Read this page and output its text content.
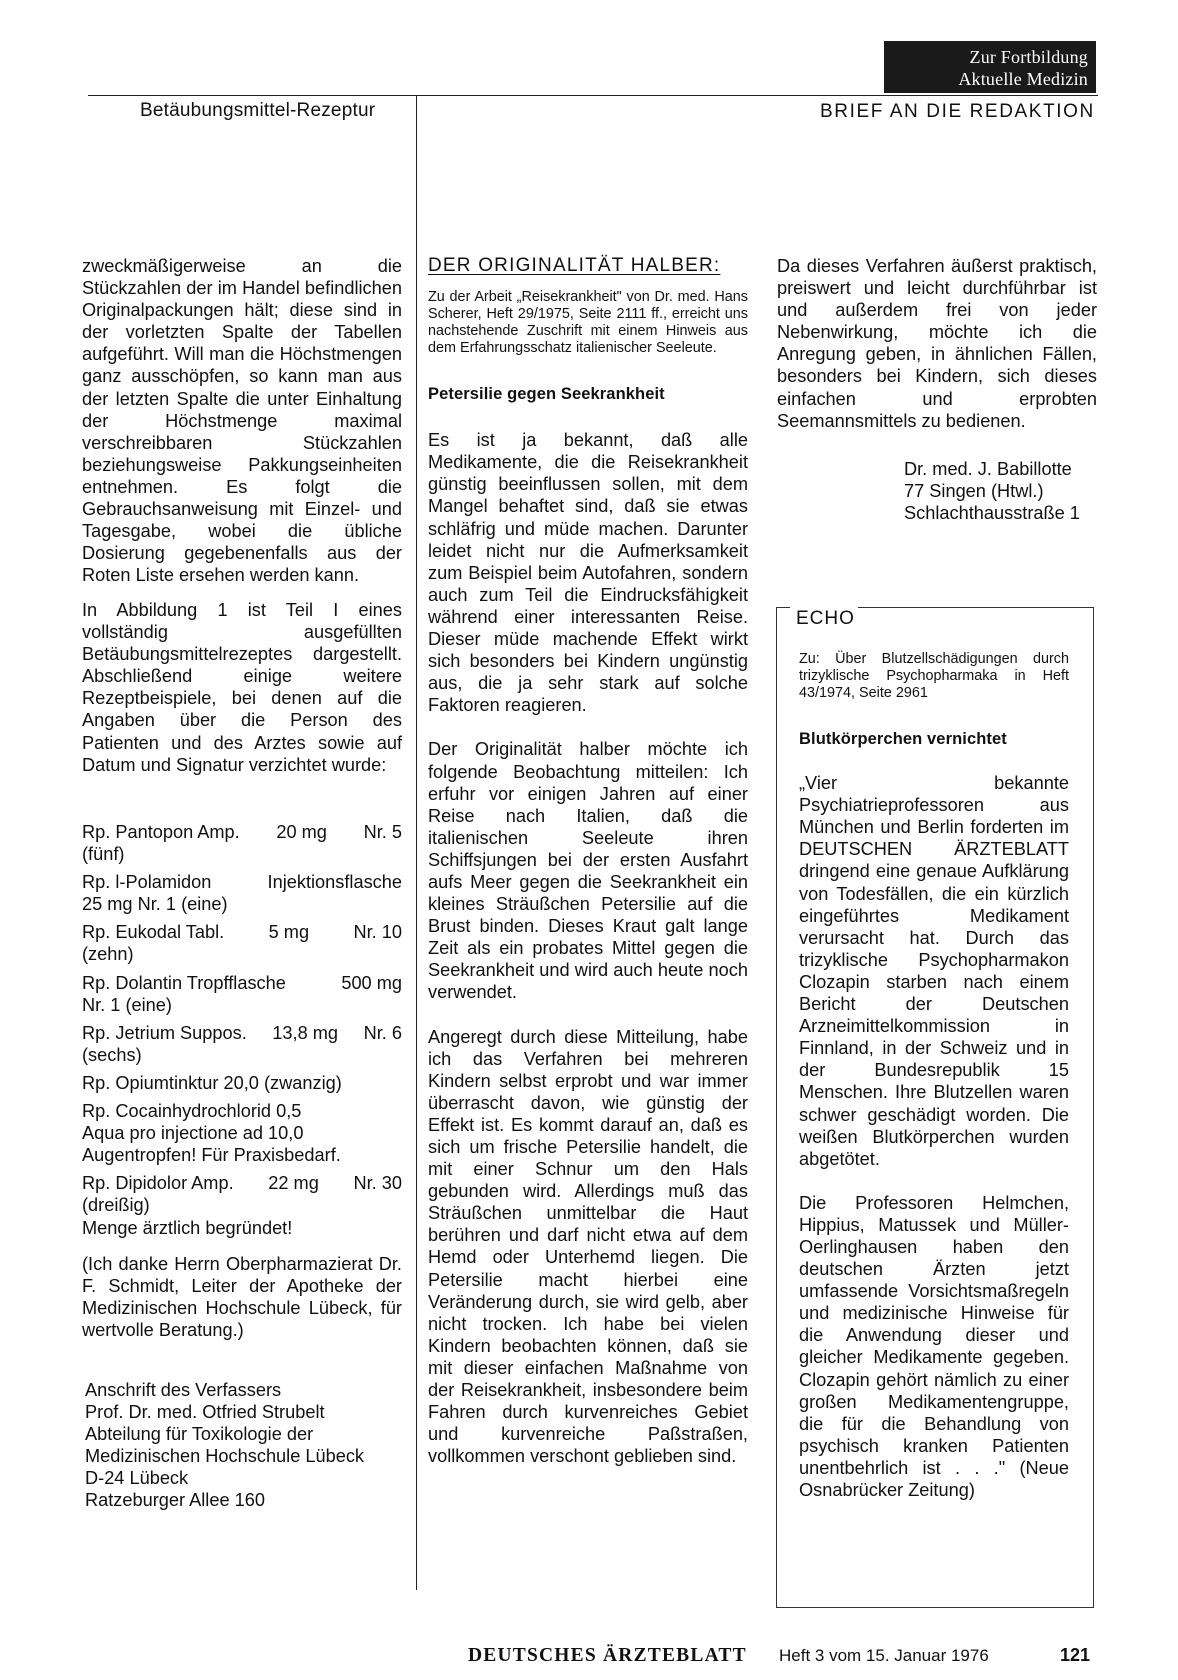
Zur Fortbildung
Aktuelle Medizin
Betäubungsmittel-Rezeptur	BRIEF AN DIE REDAKTION

zweckmäßigerweise an die Stückzahlen der im Handel befindlichen Originalpackungen hält; diese sind in der vorletzten Spalte der Tabellen aufgeführt. Will man die Höchstmengen ganz ausschöpfen, so kann man aus der letzten Spalte die unter Einhaltung der Höchstmenge maximal verschreibbaren Stückzahlen beziehungsweise Pakkungseinheiten entnehmen. Es folgt die Gebrauchsanweisung mit Einzel- und Tagesgabe, wobei die übliche Dosierung gegebenenfalls aus der Roten Liste ersehen werden kann.

In Abbildung 1 ist Teil I eines vollständig ausgefüllten Betäubungsmittelrezeptes dargestellt. Abschließend einige weitere Rezeptbeispiele, bei denen auf die Angaben über die Person des Patienten und des Arztes sowie auf Datum und Signatur verzichtet wurde:

Rp. Pantopon Amp. 20 mg Nr. 5
(fünf)
Rp. l-Polamidon	Injektionsflasche
25 mg Nr. 1 (eine)
Rp. Eukodal Tabl. 5 mg Nr. 10
(zehn)
Rp. Dolantin Tropfflasche	500 mg
Nr. 1 (eine)
Rp. Jetrium Suppos. 13,8 mg Nr. 6
(sechs)
Rp. Opiumtinktur 20,0 (zwanzig)
Rp. Cocainhydrochlorid 0,5
Aqua pro injectione ad 10,0
Augentropfen! Für Praxisbedarf.
Rp. Dipidolor Amp. 22 mg Nr. 30
(dreißig)
Menge ärztlich begründet!

(Ich danke Herrn Oberpharmazierat Dr. F. Schmidt, Leiter der Apotheke der Medizinischen Hochschule Lübeck, für wertvolle Beratung.)

Anschrift des Verfassers
Prof. Dr. med. Otfried Strubelt
Abteilung für Toxikologie der
Medizinischen Hochschule Lübeck
D-24 Lübeck
Ratzeburger Allee 160
DER ORIGINALITÄT HALBER:

Zu der Arbeit „Reisekrankheit" von Dr. med. Hans Scherer, Heft 29/1975, Seite 2111 ff., erreicht uns nachstehende Zuschrift mit einem Hinweis aus dem Erfahrungsschatz italienischer Seeleute.

Petersilie gegen Seekrankheit

Es ist ja bekannt, daß alle Medikamente, die die Reisekrankheit günstig beeinflussen sollen, mit dem Mangel behaftet sind, daß sie etwas schläfrig und müde machen. Darunter leidet nicht nur die Aufmerksamkeit zum Beispiel beim Autofahren, sondern auch zum Teil die Eindrucksfähigkeit während einer interessanten Reise. Dieser müde machende Effekt wirkt sich besonders bei Kindern ungünstig aus, die ja sehr stark auf solche Faktoren reagieren.

Der Originalität halber möchte ich folgende Beobachtung mitteilen: Ich erfuhr vor einigen Jahren auf einer Reise nach Italien, daß die italienischen Seeleute ihren Schiffsjungen bei der ersten Ausfahrt aufs Meer gegen die Seekrankheit ein kleines Sträußchen Petersilie auf die Brust binden. Dieses Kraut galt lange Zeit als ein probates Mittel gegen die Seekrankheit und wird auch heute noch verwendet.

Angeregt durch diese Mitteilung, habe ich das Verfahren bei mehreren Kindern selbst erprobt und war immer überrascht davon, wie günstig der Effekt ist. Es kommt darauf an, daß es sich um frische Petersilie handelt, die mit einer Schnur um den Hals gebunden wird. Allerdings muß das Sträußchen unmittelbar die Haut berühren und darf nicht etwa auf dem Hemd oder Unterhemd liegen. Die Petersilie macht hierbei eine Veränderung durch, sie wird gelb, aber nicht trocken. Ich habe bei vielen Kindern beobachten können, daß sie mit dieser einfachen Maßnahme von der Reisekrankheit, insbesondere beim Fahren durch kurvenreiches Gebiet und kurvenreiche Paßstraßen, vollkommen verschont geblieben sind.

Da dieses Verfahren äußerst praktisch, preiswert und leicht durchführbar ist und außerdem frei von jeder Nebenwirkung, möchte ich die Anregung geben, in ähnlichen Fällen, besonders bei Kindern, sich dieses einfachen und erprobten Seemannsmittels zu bedienen.

Dr. med. J. Babillotte
77 Singen (Htwl.)
Schlachthausstraße 1
ECHO

Zu: Über Blutzellschädigungen durch trizyklische Psychopharmaka in Heft 43/1974, Seite 2961

Blutkörperchen vernichtet

„Vier bekannte Psychiatrieprofessoren aus München und Berlin forderten im DEUTSCHEN ÄRZTEBLATT dringend eine genaue Aufklärung von Todesfällen, die ein kürzlich eingeführtes Medikament verursacht hat. Durch das trizyklische Psychopharmakon Clozapin starben nach einem Bericht der Deutschen Arzneimittelkommission in Finnland, in der Schweiz und in der Bundesrepublik 15 Menschen. Ihre Blutzellen waren schwer geschädigt worden. Die weißen Blutkörperchen wurden abgetötet.

Die Professoren Helmchen, Hippius, Matussek und Müller-Oerlinghausen haben den deutschen Ärzten jetzt umfassende Vorsichtsmaßregeln und medizinische Hinweise für die Anwendung dieser und gleicher Medikamente gegeben. Clozapin gehört nämlich zu einer großen Medikamentengruppe, die für die Behandlung von psychisch kranken Patienten unentbehrlich ist . . ." (Neue Osnabrücker Zeitung)

DEUTSCHES ÄRZTEBLATT Heft 3 vom 15. Januar 1976	121
